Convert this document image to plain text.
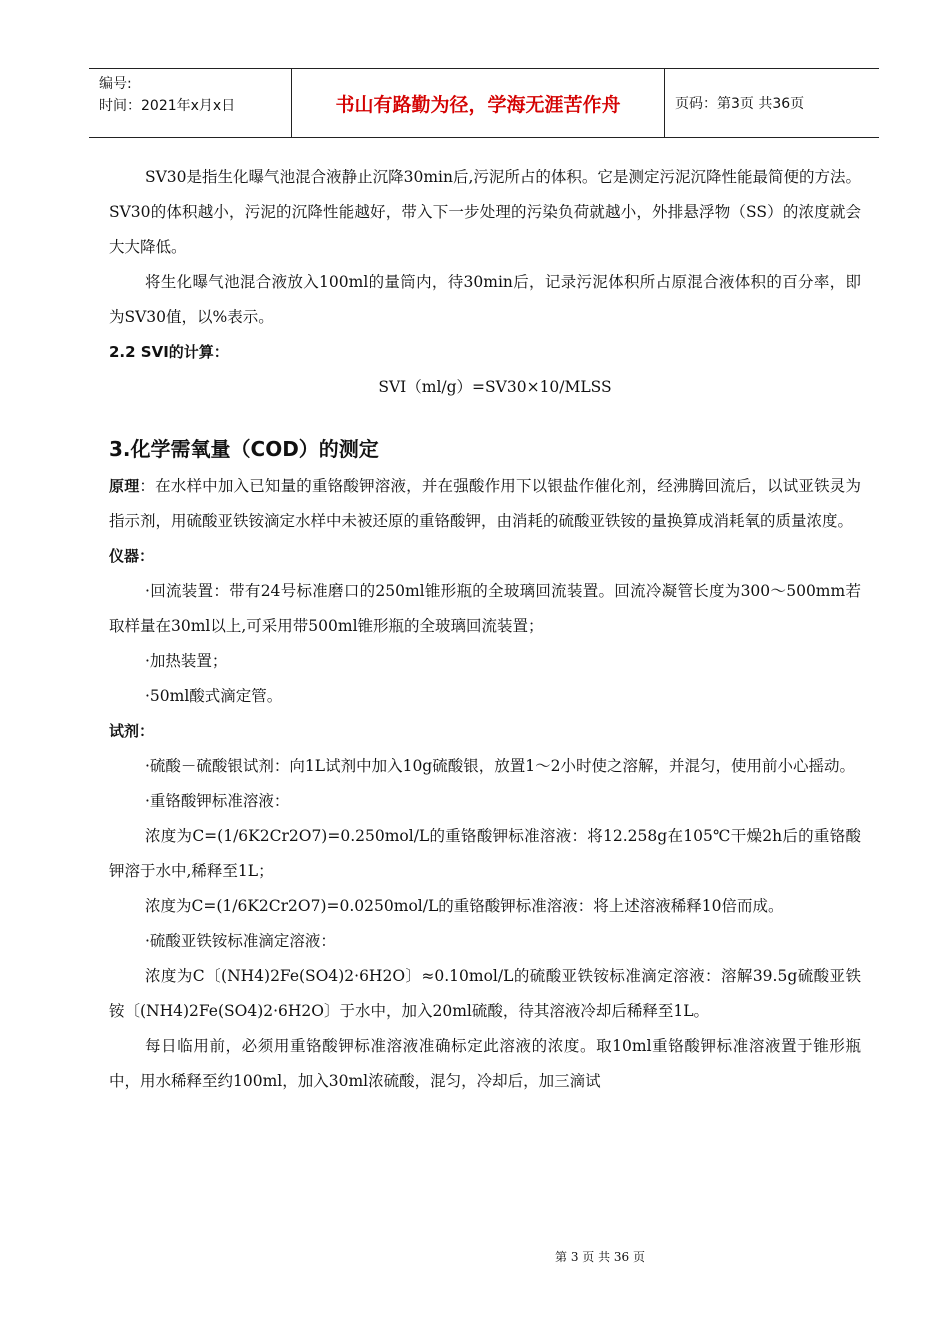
编号:
时间：2021年x月x日	书山有路勤为径，学海无涯苦作舟	页码：第3页 共36页

SV30是指生化曝气池混合液静止沉降30min后,污泥所占的体积。它是测定污泥沉降性能最简便的方法。SV30的体积越小，污泥的沉降性能越好，带入下一步处理的污染负荷就越小，外排悬浮物（SS）的浓度就会大大降低。

将生化曝气池混合液放入100ml的量筒内，待30min后，记录污泥体积所占原混合液体积的百分率，即为SV30值，以%表示。

2.2 SVI的计算：

SVI（ml/g）=SV30×10/MLSS

3.化学需氧量（COD）的测定

原理：在水样中加入已知量的重铬酸钾溶液，并在强酸作用下以银盐作催化剂，经沸腾回流后，以试亚铁灵为指示剂，用硫酸亚铁铵滴定水样中未被还原的重铬酸钾，由消耗的硫酸亚铁铵的量换算成消耗氧的质量浓度。

仪器：

·回流装置：带有24号标准磨口的250ml锥形瓶的全玻璃回流装置。回流冷凝管长度为300～500mm若取样量在30ml以上,可采用带500ml锥形瓶的全玻璃回流装置；

·加热装置；

·50ml酸式滴定管。

试剂：

·硫酸－硫酸银试剂：向1L试剂中加入10g硫酸银，放置1～2小时使之溶解，并混匀，使用前小心摇动。

·重铬酸钾标准溶液：

浓度为C=(1/6K2Cr2O7)=0.250mol/L的重铬酸钾标准溶液：将12.258g在105℃干燥2h后的重铬酸钾溶于水中,稀释至1L；

浓度为C=(1/6K2Cr2O7)=0.0250mol/L的重铬酸钾标准溶液：将上述溶液稀释10倍而成。

·硫酸亚铁铵标准滴定溶液：

浓度为C〔(NH4)2Fe(SO4)2·6H2O〕≈0.10mol/L的硫酸亚铁铵标准滴定溶液：溶解39.5g硫酸亚铁铵〔(NH4)2Fe(SO4)2·6H2O〕于水中，加入20ml硫酸，待其溶液冷却后稀释至1L。

每日临用前，必须用重铬酸钾标准溶液准确标定此溶液的浓度。取10ml重铬酸钾标准溶液置于锥形瓶中，用水稀释至约100ml，加入30ml浓硫酸，混匀，冷却后，加三滴试

第 3 页 共 36 页
